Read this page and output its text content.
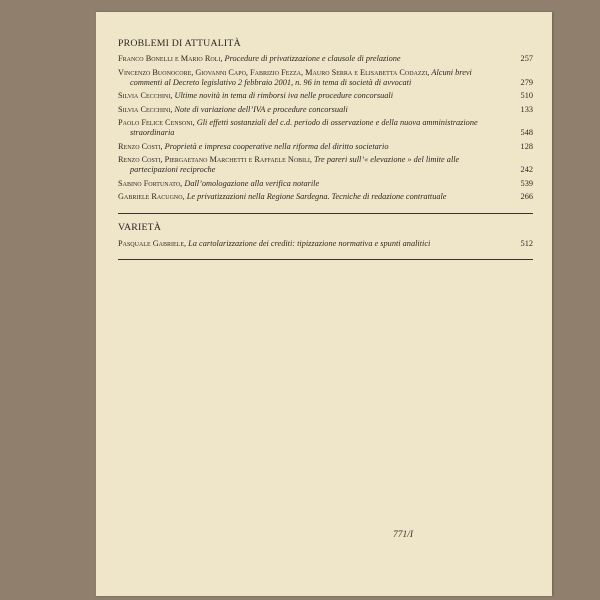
PROBLEMI DI ATTUALITÀ
Franco Bonelli e Mario Roli, Procedure di privatizzazione e clausole di prelazione	257
Vincenzo Buonocore, Giovanni Capo, Fabrizio Fezza, Mauro Serra e Elisabetta Codazzi, Alcuni brevi commenti al Decreto legislativo 2 febbraio 2001, n. 96 in tema di società di avvocati	279
Silvia Cecchini, Ultime novità in tema di rimborsi iva nelle procedure concorsuali	510
Silvia Cecchini, Note di variazione dell’IVA e procedure concorsuali	133
Paolo Felice Censoni, Gli effetti sostanziali del c.d. periodo di osservazione e della nuova amministrazione straordinaria	548
Renzo Costi, Proprietà e impresa cooperative nella riforma del diritto societario	128
Renzo Costi, Piergaetano Marchetti e Raffaele Nobili, Tre pareri sull’« elevazione » del limite alle partecipazioni reciproche	242
Sabino Fortunato, Dall’omologazione alla verifica notarile	539
Gabriele Racugno, Le privatizzazioni nella Regione Sardegna. Tecniche di redazione contrattuale	266
VARIETÀ
Pasquale Gabriele, La cartolarizzazione dei crediti: tipizzazione normativa e spunti analitici	512
771/I
